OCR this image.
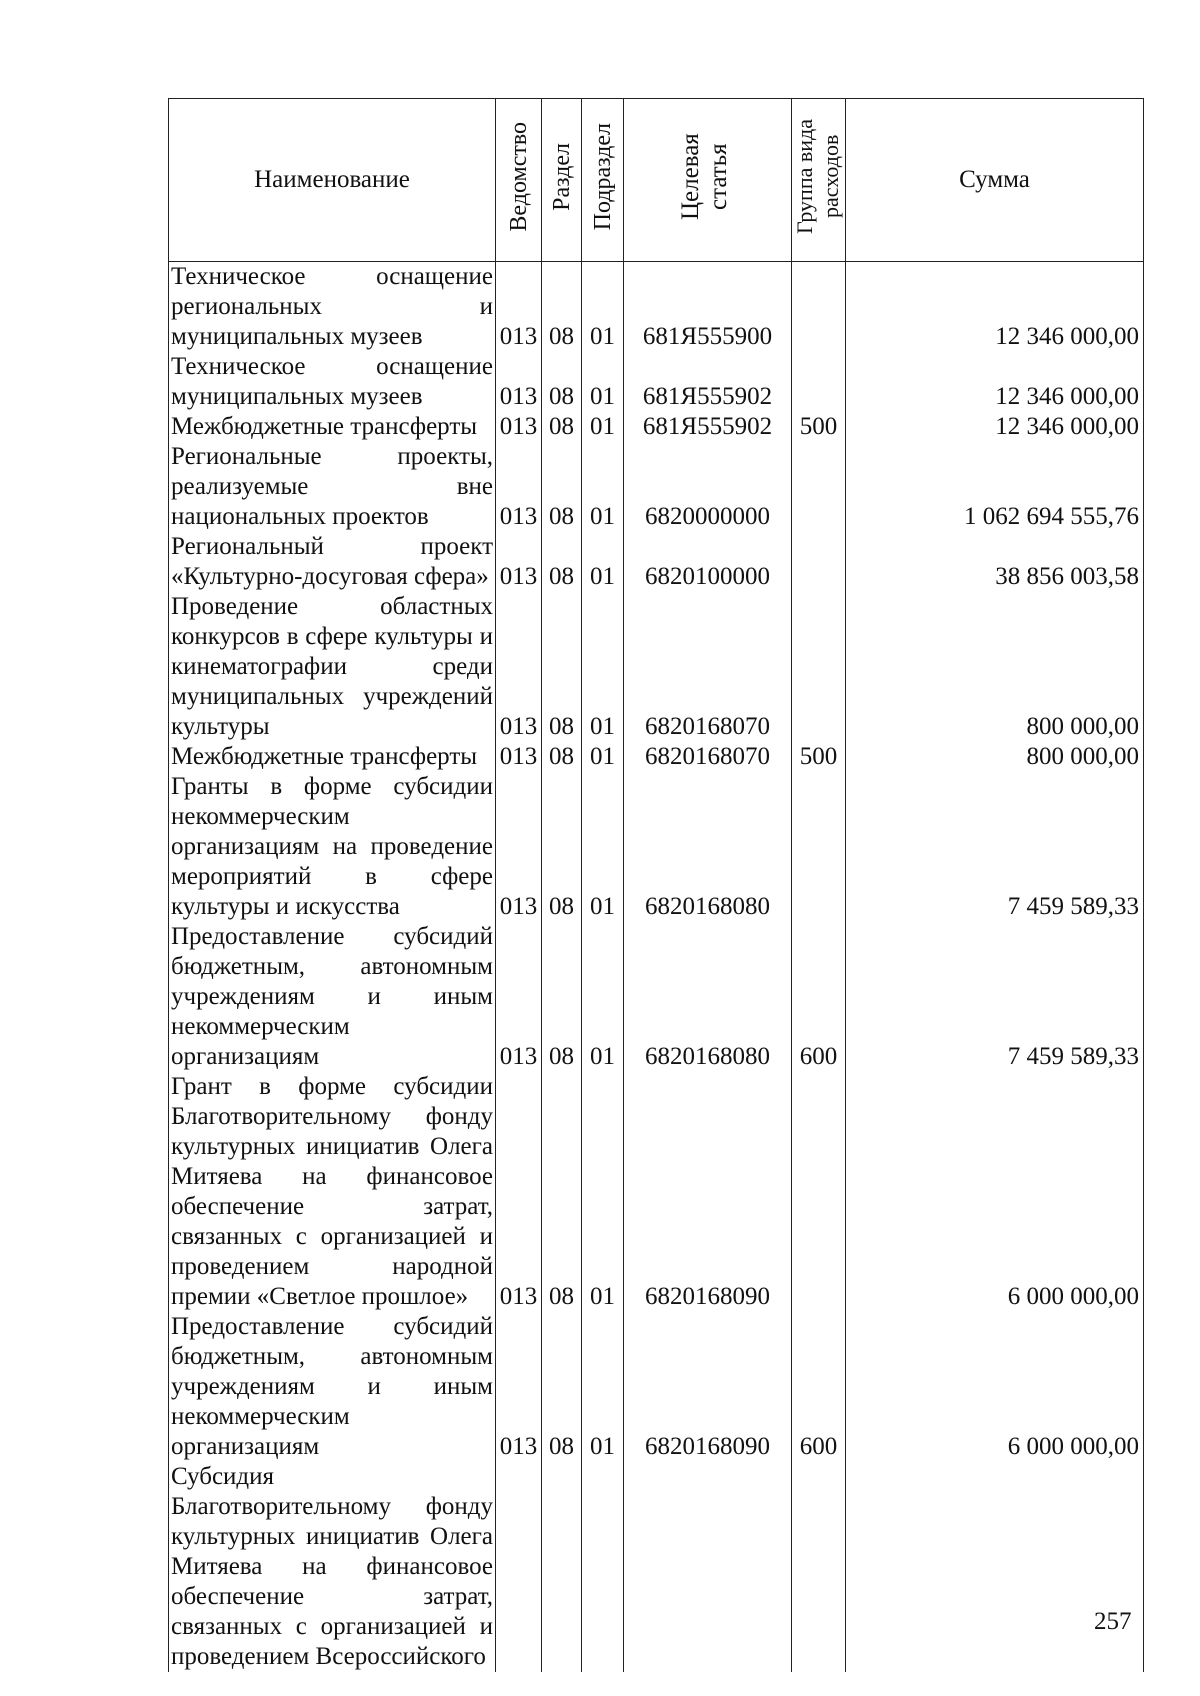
Наименование	Ведомство	Раздел	Подраздел	Целевая статья	Группа вида расходов	Сумма
Техническое оснащение региональных и муниципальных музеев	013	08	01	681Я555900		12 346 000,00
Техническое оснащение муниципальных музеев	013	08	01	681Я555902		12 346 000,00
Межбюджетные трансферты	013	08	01	681Я555902	500	12 346 000,00
Региональные проекты, реализуемые вне национальных проектов	013	08	01	6820000000		1 062 694 555,76
Региональный проект «Культурно-досуговая сфера»	013	08	01	6820100000		38 856 003,58
Проведение областных конкурсов в сфере культуры и кинематографии среди муниципальных учреждений культуры	013	08	01	6820168070		800 000,00
Межбюджетные трансферты	013	08	01	6820168070	500	800 000,00
Гранты в форме субсидии некоммерческим организациям на проведение мероприятий в сфере культуры и искусства	013	08	01	6820168080		7 459 589,33
Предоставление субсидий бюджетным, автономным учреждениям и иным некоммерческим организациям	013	08	01	6820168080	600	7 459 589,33
Грант в форме субсидии Благотворительному фонду культурных инициатив Олега Митяева на финансовое обеспечение затрат, связанных с организацией и проведением народной премии «Светлое прошлое»	013	08	01	6820168090		6 000 000,00
Предоставление субсидий бюджетным, автономным учреждениям и иным некоммерческим организациям	013	08	01	6820168090	600	6 000 000,00
Субсидия Благотворительному фонду культурных инициатив Олега Митяева на финансовое обеспечение затрат, связанных с организацией и проведением Всероссийского						

257
